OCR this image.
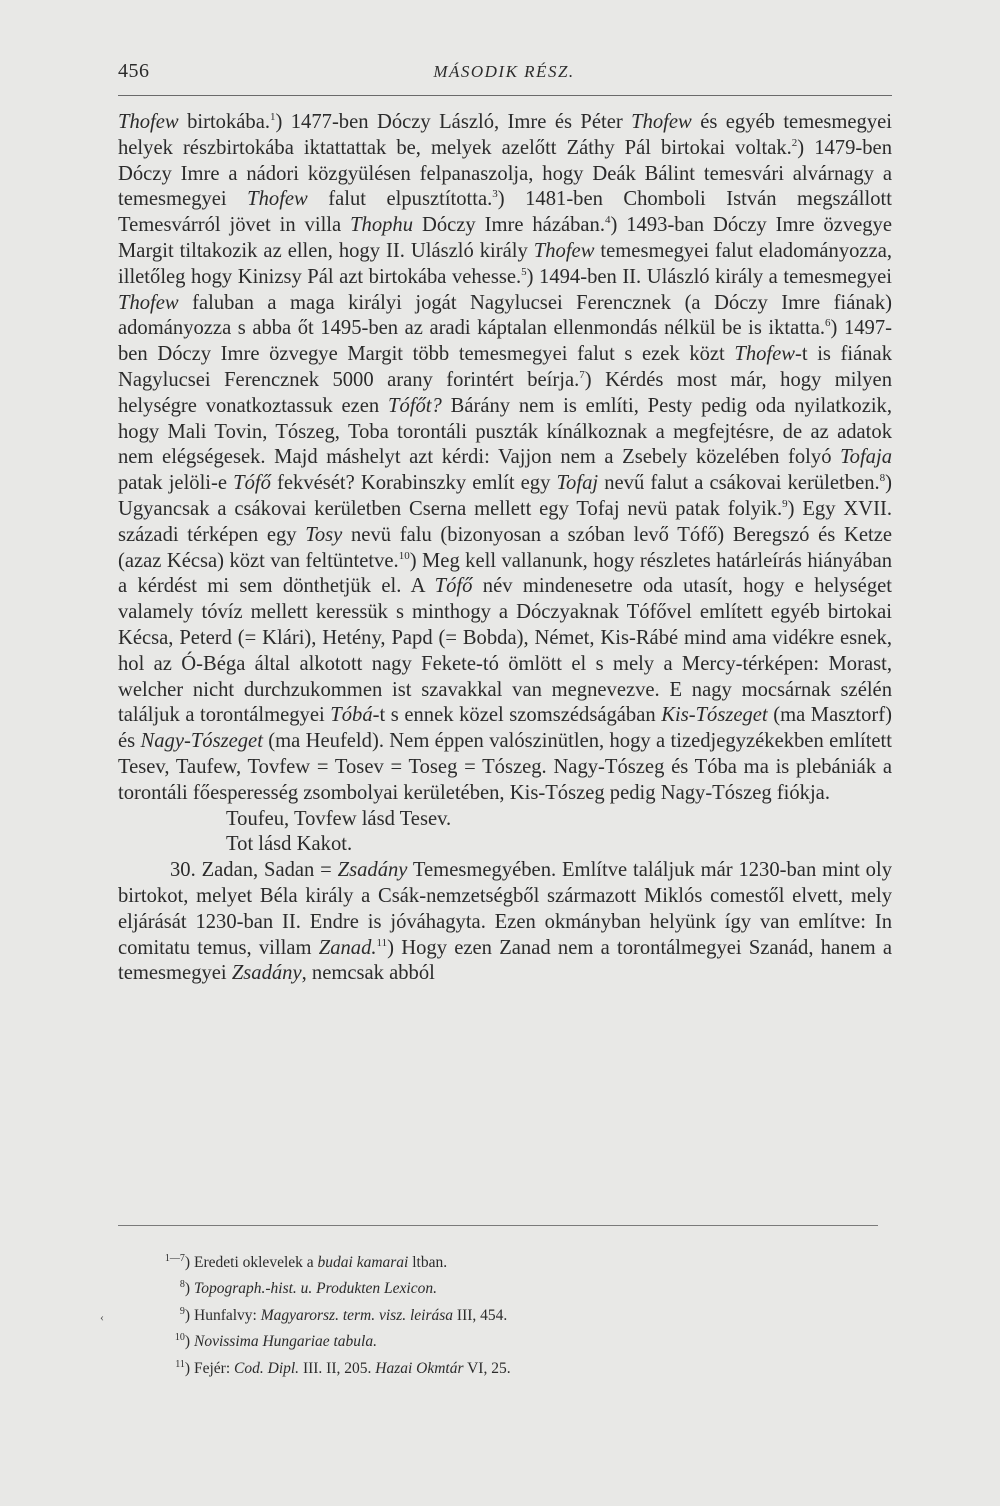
456	MÁSODIK RÉSZ.

Thofew birtokába.$^1$) 1477-ben Dóczy László, Imre és Péter Thofew és egyéb temesmegyei helyek részbirtokába iktattattak be, melyek azelőtt Záthy Pál birtokai voltak.$^2$) 1479-ben Dóczy Imre a nádori közgyülésen felpanaszolja, hogy Deák Bálint temesvári alvárnagy a temesmegyei Thofew falut elpusztította.$^3$) 1481-ben Chomboli István megszállott Temesvárról jövet in villa Thophu Dóczy Imre házában.$^4$) 1493-ban Dóczy Imre özvegye Margit tiltakozik az ellen, hogy II. Ulászló király Thofew temesmegyei falut eladományozza, illetőleg hogy Kinizsy Pál azt birtokába vehesse.$^5$) 1494-ben II. Ulászló király a temesmegyei Thofew faluban a maga királyi jogát Nagylucsei Ferencznek (a Dóczy Imre fiának) adományozza s abba őt 1495-ben az aradi káptalan ellenmondás nélkül be is iktatta.$^6$) 1497-ben Dóczy Imre özvegye Margit több temesmegyei falut s ezek közt Thofew-t is fiának Nagylucsei Ferencznek 5000 arany forintért beírja.$^7$) Kérdés most már, hogy milyen helységre vonatkoztassuk ezen Tófőt? Bárány nem is említi, Pesty pedig oda nyilatkozik, hogy Mali Tovin, Tószeg, Toba torontáli puszták kínálkoznak a megfejtésre, de az adatok nem elégségesek. Majd máshelyt azt kérdi: Vajjon nem a Zsebely közelében folyó Tofaja patak jelöli-e Tófő fekvését? Korabinszky említ egy Tofaj nevű falut a csákovai kerületben.$^8$) Ugyancsak a csákovai kerületben Cserna mellett egy Tofaj nevü patak folyik.$^9$) Egy XVII. századi térképen egy Tosy nevü falu (bizonyosan a szóban levő Tófő) Beregszó és Ketze (azaz Kécsa) közt van feltüntetve.$^{10}$) Meg kell vallanunk, hogy részletes határleírás hiányában a kérdést mi sem dönthetjük el. A Tófő név mindenesetre oda utasít, hogy e helységet valamely tóvíz mellett keressük s minthogy a Dóczyaknak Tófővel említett egyéb birtokai Kécsa, Peterd (= Klári), Hetény, Papd (= Bobda), Német, Kis-Rábé mind ama vidékre esnek, hol az Ó-Béga által alkotott nagy Fekete-tó ömlött el s mely a Mercy-térképen: Morast, welcher nicht durchzukommen ist szavakkal van megnevezve. E nagy mocsárnak szélén találjuk a torontálmegyei Tóbá-t s ennek közel szomszédságában Kis-Tószeget (ma Masztorf) és Nagy-Tószeget (ma Heufeld). Nem éppen valószinütlen, hogy a tizedjegyzékekben említett Tesev, Taufew, Tovfew = Tosev = Toseg = Tószeg. Nagy-Tószeg és Tóba ma is plebániák a torontáli főesperesség zsombolyai kerületében, Kis-Tószeg pedig Nagy-Tószeg fiókja.

Toufeu, Tovfew lásd Tesev.

Tot lásd Kakot.

30. Zadan, Sadan = Zsadány Temesmegyében. Említve találjuk már 1230-ban mint oly birtokot, melyet Béla király a Csák-nemzetségből származott Miklós comestől elvett, mely eljárását 1230-ban II. Endre is jóváhagyta. Ezen okmányban helyünk így van említve: In comitatu temus, villam Zanad.$^{11}$) Hogy ezen Zanad nem a torontálmegyei Szanád, hanem a temesmegyei Zsadány, nemcsak abból

‹
$^{1—7}$) Eredeti oklevelek a budai kamarai ltban.
$^8$) Topograph.-hist. u. Produkten Lexicon.
$^9$) Hunfalvy: Magyarorsz. term. visz. leirása III, 454.
$^{10}$) Novissima Hungariae tabula.
$^{11}$) Fejér: Cod. Dipl. III. II, 205. Hazai Okmtár VI, 25.
